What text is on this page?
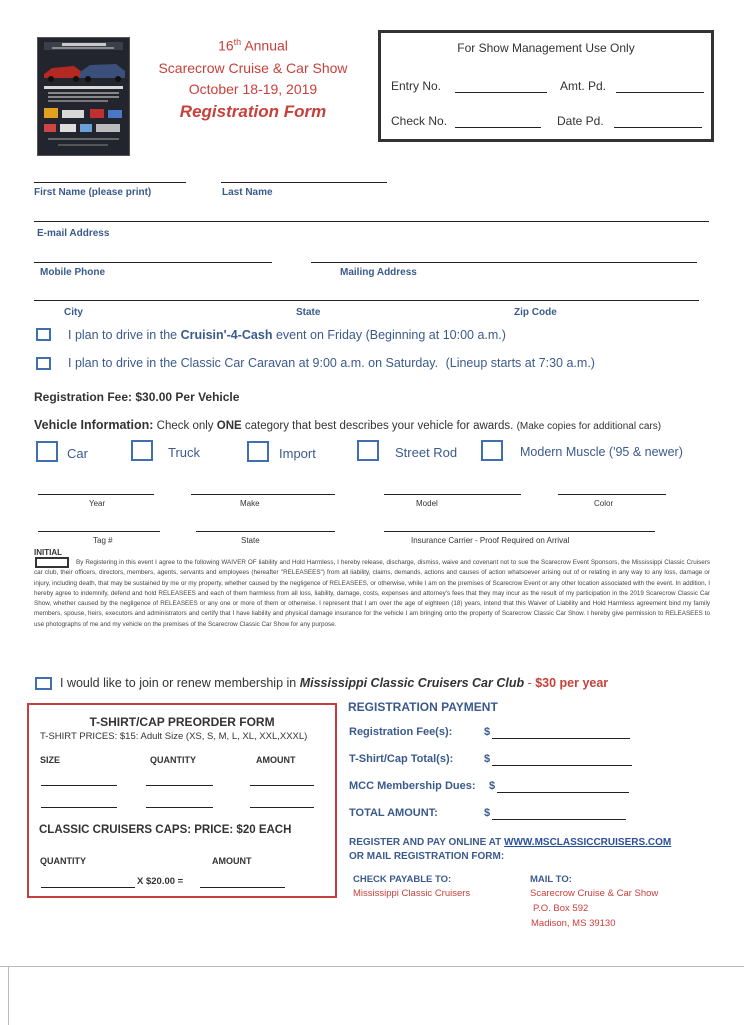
16th Annual
Scarecrow Cruise & Car Show
October 18-19, 2019
Registration Form
For Show Management Use Only
Entry No.	Amt. Pd.
Check No.	Date Pd.
First Name (please print)	Last Name
E-mail Address
Mobile Phone	Mailing Address
City	State	Zip Code
I plan to drive in the Cruisin'-4-Cash event on Friday (Beginning at 10:00 a.m.)
I plan to drive in the Classic Car Caravan at 9:00 a.m. on Saturday. (Lineup starts at 7:30 a.m.)
Registration Fee: $30.00 Per Vehicle
Vehicle Information: Check only ONE category that best describes your vehicle for awards. (Make copies for additional cars)
Car	Truck	Import	Street Rod	Modern Muscle ('95 & newer)
Year	Make	Model	Color
Tag #	State	Insurance Carrier - Proof Required on Arrival
INITIAL
By Registering in this event I agree to the following WAIVER OF liability and Hold Harmless, I hereby release, discharge, dismiss, waive and covenant not to sue the Scarecrow Event Sponsors, the Mississippi Classic Cruisers car club, their officers, directors, members, agents, servants and employees (hereafter "RELEASEES") from all liability, claims, demands, actions and causes of action whatsoever arising out of or relating in any way to any loss, damage or injury, including death, that may be sustained by me or my property, whether caused by the negligence of RELEASEES, or otherwise, while I am on the premises of Scarecrow Event or any other location associated with the event. In addition, I hereby agree to indemnify, defend and hold RELEASEES and each of them harmless from all loss, liability, damage, costs, expenses and attorney's fees that they may incur as the result of my participation in the 2019 Scarecrow Classic Car Show, whether caused by the negligence of RELEASEES or any one or more of them or otherwise. I represent that I am over the age of eighteen (18) years, intend that this Waiver of Liability and Hold Harmless agreement bind my family members, spouse, heirs, executors and administrators and certify that I have liability and physical damage insurance for the vehicle I am bringing onto the property of Scarecrow Classic Car Show. I hereby give permission to RELEASEES to use photographs of me and my vehicle on the premises of the Scarecrow Classic Car Show for any purpose.
I would like to join or renew membership in Mississippi Classic Cruisers Car Club - $30 per year
T-SHIRT/CAP PREORDER FORM
T-SHIRT PRICES: $15: Adult Size (XS, S, M, L, XL, XXL,XXXL)
SIZE	QUANTITY	AMOUNT
CLASSIC CRUISERS CAPS: PRICE: $20 EACH
QUANTITY	AMOUNT
X $20.00 =
REGISTRATION PAYMENT
Registration Fee(s):	$
T-Shirt/Cap Total(s):	$
MCC Membership Dues: $
TOTAL AMOUNT:	$
REGISTER AND PAY ONLINE AT WWW.MSCLASSICCRUISERS.COM
OR MAIL REGISTRATION FORM:
CHECK PAYABLE TO:
Mississippi Classic Cruisers
MAIL TO:
Scarecrow Cruise & Car Show
P.O. Box 592
Madison, MS 39130
